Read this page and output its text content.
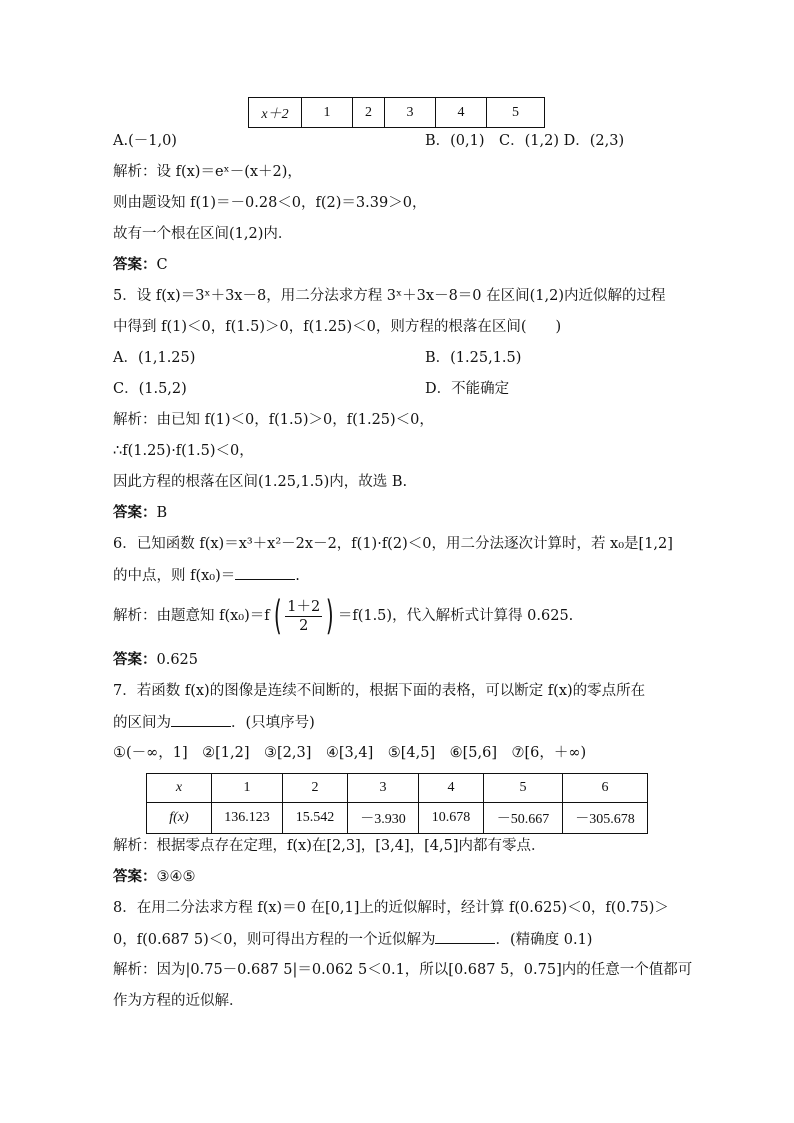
x＋2	1	2	3	4	5
A.(－1,0)	B．(0,1)　C．(1,2) D．(2,3)
解析：设 f(x)＝eˣ－(x＋2)，
则由题设知 f(1)＝－0.28＜0，f(2)＝3.39＞0，
故有一个根在区间(1,2)内．
答案：C
5．设 f(x)＝3ˣ＋3x－8，用二分法求方程 3ˣ＋3x－8＝0 在区间(1,2)内近似解的过程
中得到 f(1)＜0，f(1.5)＞0，f(1.25)＜0，则方程的根落在区间(　　)
A．(1,1.25)	B．(1.25,1.5)
C．(1.5,2)	D．不能确定
解析：由已知 f(1)＜0，f(1.5)＞0，f(1.25)＜0，
∴f(1.25)·f(1.5)＜0，
因此方程的根落在区间(1.25,1.5)内，故选 B.
答案：B
6．已知函数 f(x)＝x³＋x²－2x－2，f(1)·f(2)＜0，用二分法逐次计算时，若 x₀是[1,2]
的中点，则 f(x₀)＝	.
解析：由题意知 $f(x_0)=f( \frac{1+2}{2}$ ) ＝f(1.5)，代入解析式计算得 0.625.
答案：0.625
7．若函数 f(x)的图像是连续不间断的，根据下面的表格，可以断定 f(x)的零点所在
的区间为	．(只填序号)
①(－∞，1]　②[1,2]　③[2,3]　④[3,4]　⑤[4,5]　⑥[5,6]　⑦[6，＋∞)
x	1	2	3	4	5	6
f(x)	136.123	15.542	－3.930	10.678	－50.667	－305.678
解析：根据零点存在定理，f(x)在[2,3]，[3,4]，[4,5]内都有零点．
答案：③④⑤
8．在用二分法求方程 f(x)＝0 在[0,1]上的近似解时，经计算 f(0.625)＜0，f(0.75)＞
0，f(0.687 5)＜0，则可得出方程的一个近似解为	．(精确度 0.1)
解析：因为|0.75－0.687 5|＝0.062 5＜0.1，所以[0.687 5，0.75]内的任意一个值都可
作为方程的近似解．
